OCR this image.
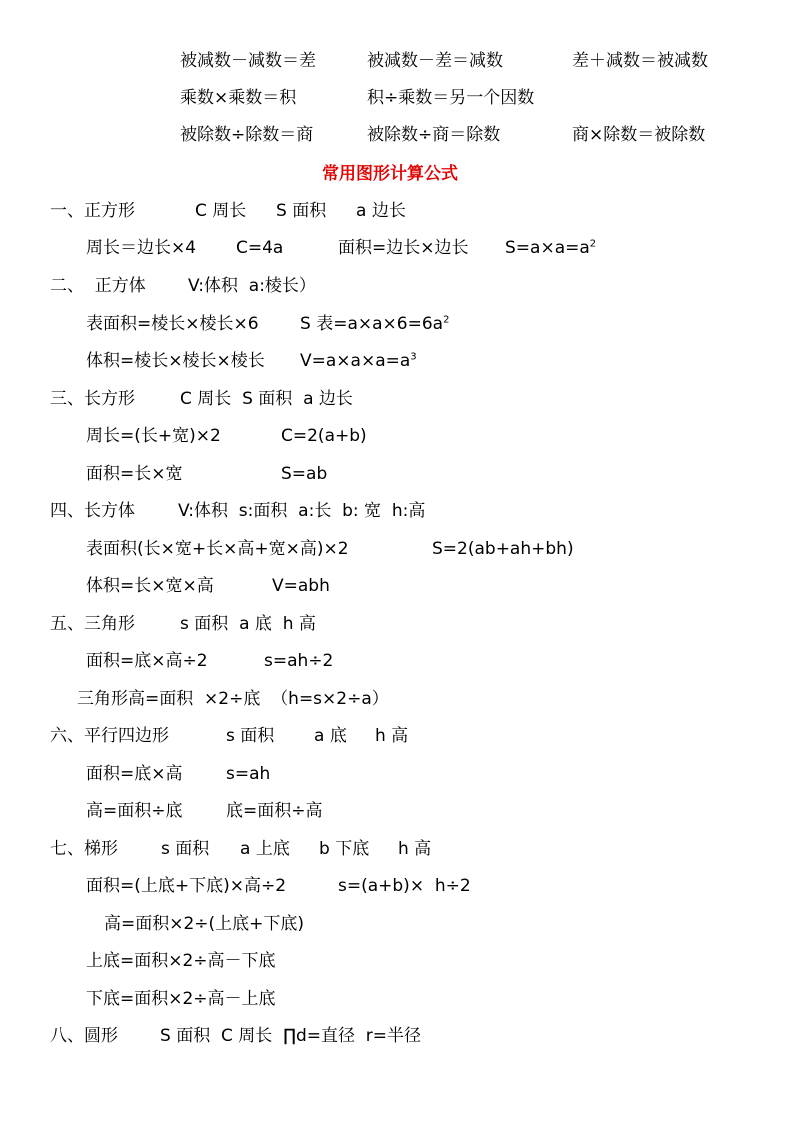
被减数－减数＝差	被减数－差＝减数	差＋减数＝被减数
乘数×乘数＝积	积÷乘数＝另一个因数
被除数÷除数＝商	被除数÷商＝除数	商×除数＝被除数
常用图形计算公式
一、正方形	C 周长 S 面积 a 边长
周长＝边长×4 C=4a	面积=边长×边长 $S=a\times a=a^2$
二、  正方体 V:体积  a:棱长）
表面积=棱长×棱长×6 S 表$=a\times a\times 6=6a^2$
体积=棱长×棱长×棱长 $V=a\times a\times a=a^3$
三、长方形	C 周长  S 面积  a 边长
周长=(长+宽)×2	C=2(a+b)
面积=长×宽	S=ab
四、长方体	V:体积  s:面积  a:长  b: 宽  h:高
表面积(长×宽+长×高+宽×高)×2	S=2(ab+ah+bh)
体积=长×宽×高	V=abh
五、三角形	s 面积  a 底  h 高
面积=底×高÷2	s=ah÷2
三角形高=面积  ×2÷底  （h=s×2÷a）
六、平行四边形	s 面积 a 底 h 高
面积=底×高	s=ah
高=面积÷底	底=面积÷高
七、梯形	s 面积 a 上底 b 下底 h 高
面积=(上底+下底)×高÷2	s=(a+b)×  h÷2
高=面积×2÷(上底+下底)
上底=面积×2÷高－下底
下底=面积×2÷高－上底
八、圆形 S 面积  C 周长  ∏d=直径  r=半径
